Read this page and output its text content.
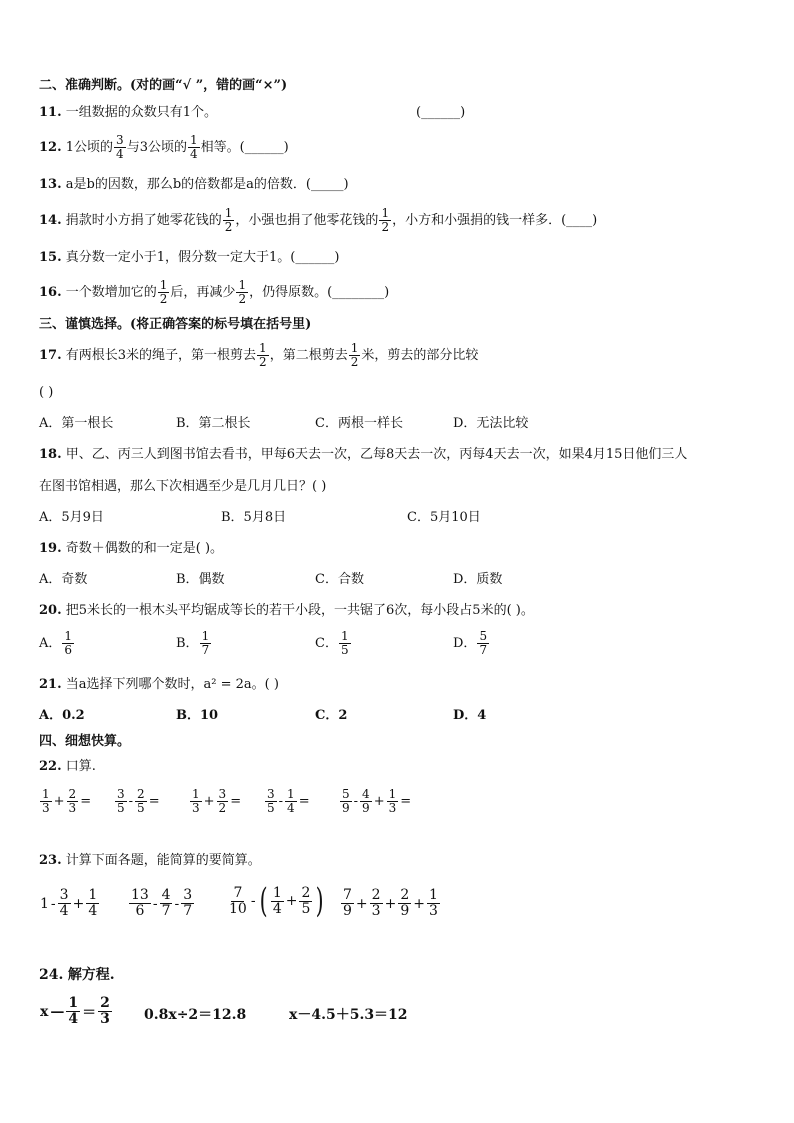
二、准确判断。(对的画“√ ”，错的画“×”)
11. 一组数据的众数只有1个。	(______)
12. 1公顷的 $\frac{3}{4}$ 与3公顷的 $\frac{1}{4}$ 相等。(______)
13. a是b的因数，那么b的倍数都是a的倍数．(_____)
14. 捐款时小方捐了她零花钱的 $\frac{1}{2}$ ，小强也捐了他零花钱的 $\frac{1}{2}$ ，小方和小强捐的钱一样多．(____)
15. 真分数一定小于1，假分数一定大于1。(______)
16. 一个数增加它的 $\frac{1}{2}$ 后，再减少 $\frac{1}{2}$ ，仍得原数。(________)
三、谨慎选择。(将正确答案的标号填在括号里)
17. 有两根长3米的绳子，第一根剪去 $\frac{1}{2}$ ，第二根剪去 $\frac{1}{2}$ 米，剪去的部分比较
( )
A．第一根长	B．第二根长	C．两根一样长	D．无法比较
18. 甲、乙、丙三人到图书馆去看书，甲每6天去一次，乙每8天去一次，丙每4天去一次，如果4月15日他们三人
在图书馆相遇，那么下次相遇至少是几月几日？( )
A．5月9日	B．5月8日	C．5月10日
19. 奇数＋偶数的和一定是( )。
A．奇数	B．偶数	C．合数	D．质数
20. 把5米长的一根木头平均锯成等长的若干小段，一共锯了6次，每小段占5米的( )。
A． $\frac{1}{6}$	B． $\frac{1}{7}$	C． $\frac{1}{5}$	D． $\frac{5}{7}$
21. 当a选择下列哪个数时，a² = 2a。( )
A．0.2	B．10	C．2	D．4
四、细想快算。
22. 口算.
$\frac{1}{3} + \frac{2}{3} = \frac{3}{5} - \frac{2}{5}$ =	$\frac{1}{3} + \frac{3}{2} = \frac{3}{5} - \frac{1}{4}$ =	$\frac{5}{9} - \frac{4}{9} + \frac{1}{3}$ =
23. 计算下面各题，能简算的要简算。
$1 - \frac{3}{4} + \frac{1}{4} \frac{13}{6} - \frac{4}{7} - \frac{3}{7} \frac{7}{10}$ - ( $\frac{1}{4} + \frac{2}{5}$ ) $\frac{7}{9} + \frac{2}{3} + \frac{2}{9} + \frac{1}{3}$
24. 解方程.
x — $\frac{1}{4} = \frac{2}{3} 0.8x\div 2=12.8$	x－4.5＋5.3＝12
